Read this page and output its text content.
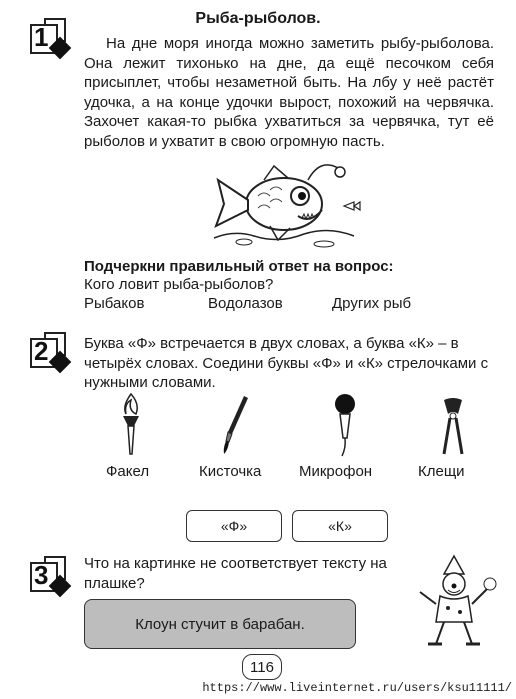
Рыба-рыболов.
1	На дне моря иногда можно заметить рыбу-рыболова. Она лежит тихонько на дне, да ещё песочком себя присыплет, чтобы незаметной быть. На лбу у неё растёт удочка, а на конце удочки вырост, похожий на червячка. Захочет какая-то рыбка ухватиться за червячка, тут её рыболов и ухватит в свою огромную пасть.

Подчеркни правильный ответ на вопрос:
Кого ловит рыба-рыболов?
Рыбаков	Водолазов	Других рыб
2 Буква «Ф» встречается в двух словах, а буква «К» – в четырёх словах. Соедини буквы «Ф» и «К» стрелочками с нужными словами.
Факел	Кисточка	Микрофон	Клещи
«Ф»	«К»
3 Что на картинке не соответствует тексту на плашке?
Клоун стучит в барабан.
116
https://www.liveinternet.ru/users/ksu11111/
